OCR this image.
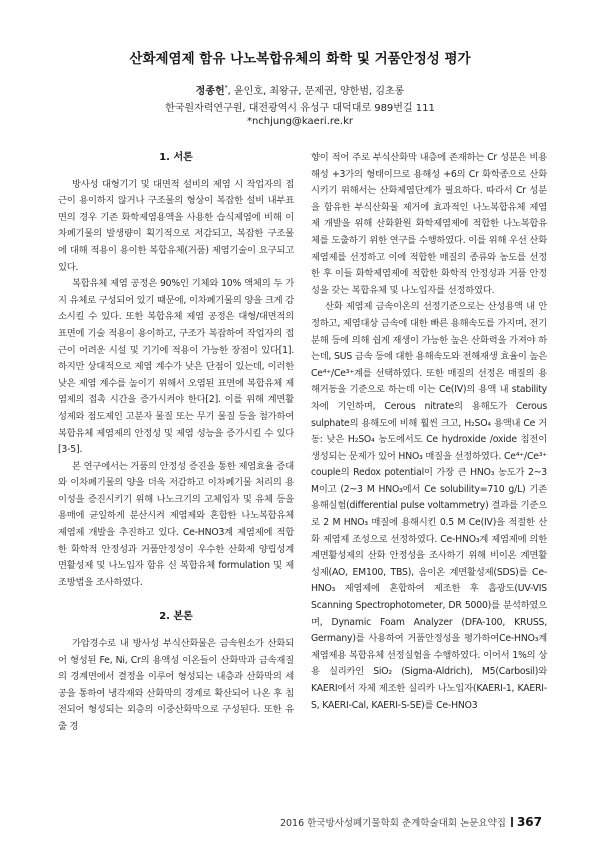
산화제염제 함유 나노복합유체의 화학 및 거품안정성 평가
정종헌*, 윤인호, 최왕규, 문제권, 양한범, 김초롱
한국원자력연구원, 대전광역시 유성구 대덕대로 989번길 111
*nchjung@kaeri.re.kr
1. 서론

방사성 대형기기 및 대면적 설비의 제염 시 작업자의 접근이 용이하지 않거나 구조물의 형상이 복잡한 설비 내부표면의 경우 기존 화학제염용액을 사용한 습식제염에 비해 이차폐기물의 발생량이 획기적으로 저감되고, 복잡한 구조물에 대해 적용이 용이한 복합유체(거품) 제염기술이 요구되고 있다.

복합유체 제염 공정은 90%인 기체와 10% 액체의 두 가지 유체로 구성되어 있기 때문에, 이차폐기물의 양을 크게 감소시킬 수 있다. 또한 복합유체 제염 공정은 대형/대면적의 표면에 기술 적용이 용이하고, 구조가 복잡하여 작업자의 접근이 어려운 시설 및 기기에 적용이 가능한 장점이 있다[1]. 하지만 상대적으로 제염 계수가 낮은 단점이 있는데, 이러한 낮은 제염 계수를 높이기 위해서 오염된 표면에 복합유체 제염제의 접촉 시간을 증가시켜야 한다[2]. 이를 위해 계면활성제와 점도제인 고분자 물질 또는 무기 물질 등을 첨가하여 복합유체 제염제의 안정성 및 제염 성능을 증가시킬 수 있다[3-5].

본 연구에서는 거품의 안정성 증진을 통한 제염효율 증대와 이차폐기물의 양을 더욱 저감하고 이차폐기물 처리의 용이성을 증진시키기 위해 나노크기의 고체입자 및 유체 등을 용매에 균일하게 분산시켜 제염제와 혼합한 나노복합유체 제염제 개발을 추진하고 있다. Ce-HNO3계 제염제에 적합한 화학적 안정성과 거품안정성이 우수한 산화제 양립성계면활성제 및 나노입자 함유 신 복합유체 formulation 및 제조방법을 조사하였다.

2. 본론

가압경수로 내 방사성 부식산화물은 금속원소가 산화되어 형성된 Fe, Ni, Cr의 용액성 이온들이 산화막과 금속재질의 경계면에서 결정을 이루어 형성되는 내층과 산화막의 세공을 통하여 냉각재와 산화막의 경계로 확산되어 나온 후 침전되어 형성되는 외층의 이중산화막으로 구성된다. 또한 유출 경

향이 적어 주로 부식산화막 내층에 존재하는 Cr 성분은 비용해성 +3가의 형태이므로 용해성 +6의 Cr 화학종으로 산화시키기 위해서는 산화제염단계가 필요하다. 따라서 Cr 성분을 함유한 부식산화물 제거에 효과적인 나노복합유체 제염제 개발을 위해 산화환원 화학제염제에 적합한 나노복합유체를 도출하기 위한 연구를 수행하였다. 이를 위해 우선 산화제염제를 선정하고 이에 적합한 매질의 종류와 농도를 선정한 후 이들 화학제염제에 적합한 화학적 안정성과 거품 안정성을 갖는 복합유체 및 나노입자를 선정하였다.

산화 제염제 금속이온의 선정기준으로는 산성용액 내 안정하고, 제염대상 금속에 대한 빠른 용해속도를 가지며, 전기분해 등에 의해 쉽게 재생이 가능한 높은 산화력을 가져야 하는데, SUS 금속 등에 대한 용해속도와 전해재생 효율이 높은 Ce⁴⁺/Ce³⁺계를 선택하였다. 또한 매질의 선정은 매질의 용해거동을 기준으로 하는데 이는 Ce(IV)의 용액 내 stability차에 기인하며, Cerous nitrate의 용해도가 Cerous sulphate의 용해도에 비해 훨씬 크고, H₂SO₄ 용액내 Ce 거동: 낮은 H₂SO₄ 농도에서도 Ce hydroxide /oxide 침전이 생성되는 문제가 있어 HNO₃ 매질을 선정하였다. Ce⁴⁺/Ce³⁺ couple의 Redox potential이 가장 큰 HNO₃ 농도가 2~3 M이고 (2~3 M HNO₃에서 Ce solubility=710 g/L) 기존 용해실험(differential pulse voltammetry) 결과를 기준으로 2 M HNO₃ 매질에 용해시킨 0.5 M Ce(IV)을 적절한 산화 제염제 조성으로 선정하였다. Ce-HNO₃계 제염제에 의한 계면활성제의 산화 안정성을 조사하기 위해 비이온 계면활성제(AO, EM100, TBS), 음이온 계면활성제(SDS)를 Ce-HNO₃ 제염제에 혼합하여 제조한 후 흡광도(UV-VIS Scanning Spectrophotometer, DR 5000)를 분석하였으며, Dynamic Foam Analyzer (DFA-100, KRUSS, Germany)를 사용하여 거품안정성을 평가하여Ce-HNO₃계 제염제용 복합유체 선정실험을 수행하였다. 이어서 1%의 상용 실리카인 SiO₂ (Sigma-Aldrich), M5(Carbosil)와 KAERI에서 자체 제조한 실리카 나노입자(KAERI-1, KAERI-S, KAERI-Cal, KAERI-S-SE)를 Ce-HNO3

2016 한국방사성폐기물학회 춘계학술대회 논문요약집 367
